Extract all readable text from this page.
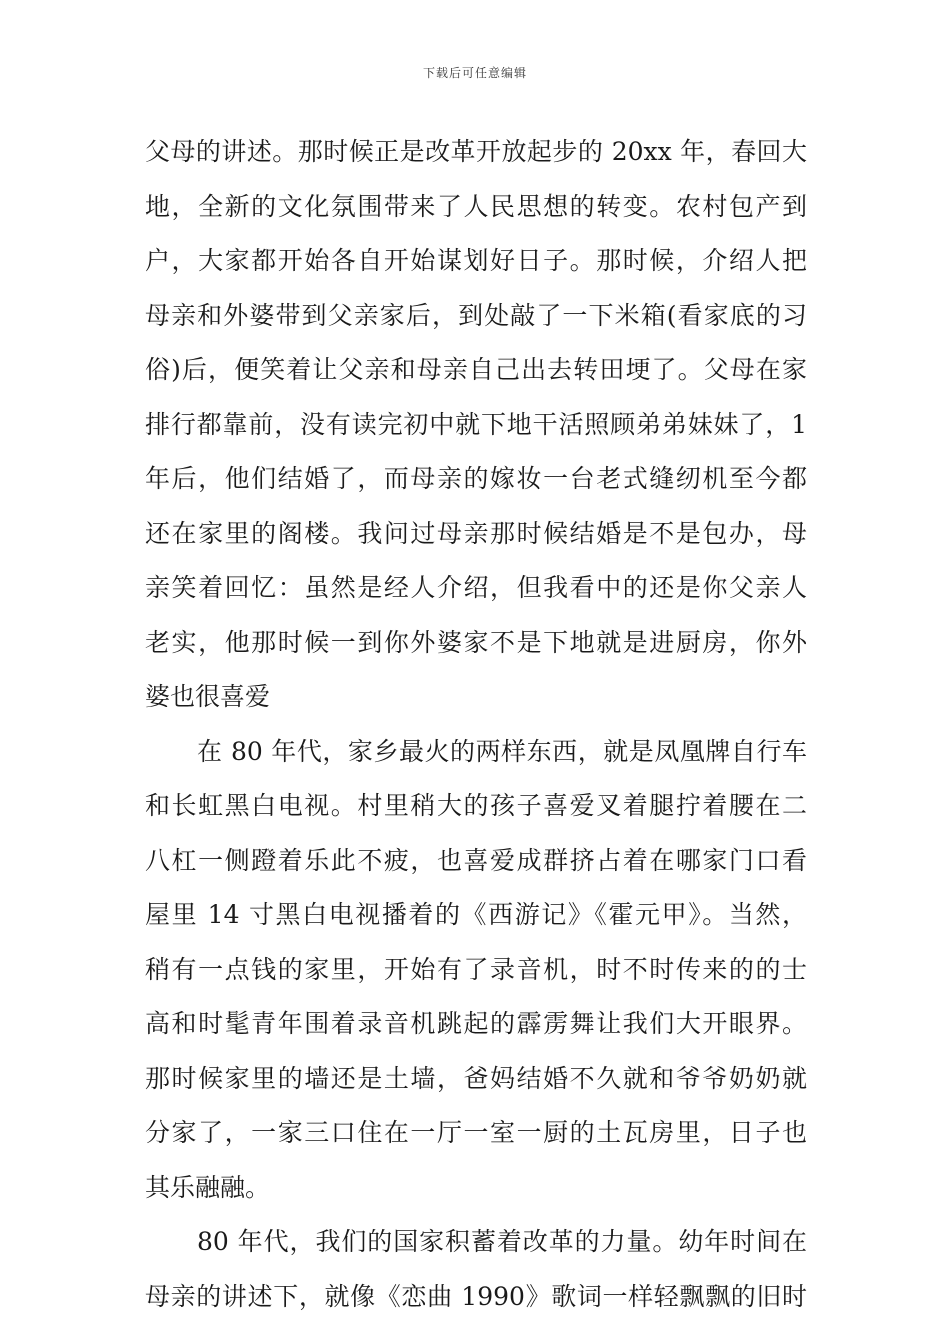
下载后可任意编辑
父母的讲述。那时候正是改革开放起步的 20xx 年，春回大
地，全新的文化氛围带来了人民思想的转变。农村包产到
户，大家都开始各自开始谋划好日子。那时候，介绍人把
母亲和外婆带到父亲家后，到处敲了一下米箱(看家底的习
俗)后，便笑着让父亲和母亲自己出去转田埂了。父母在家
排行都靠前，没有读完初中就下地干活照顾弟弟妹妹了，1
年后，他们结婚了，而母亲的嫁妆一台老式缝纫机至今都
还在家里的阁楼。我问过母亲那时候结婚是不是包办，母
亲笑着回忆：虽然是经人介绍，但我看中的还是你父亲人
老实，他那时候一到你外婆家不是下地就是进厨房，你外
婆也很喜爱
在 80 年代，家乡最火的两样东西，就是凤凰牌自行车
和长虹黑白电视。村里稍大的孩子喜爱叉着腿拧着腰在二
八杠一侧蹬着乐此不疲，也喜爱成群挤占着在哪家门口看
屋里 14 寸黑白电视播着的《西游记》《霍元甲》。当然，
稍有一点钱的家里，开始有了录音机，时不时传来的的士
高和时髦青年围着录音机跳起的霹雳舞让我们大开眼界。
那时候家里的墙还是土墙，爸妈结婚不久就和爷爷奶奶就
分家了，一家三口住在一厅一室一厨的土瓦房里，日子也
其乐融融。
80 年代，我们的国家积蓄着改革的力量。幼年时间在
母亲的讲述下，就像《恋曲 1990》歌词一样轻飘飘的旧时
